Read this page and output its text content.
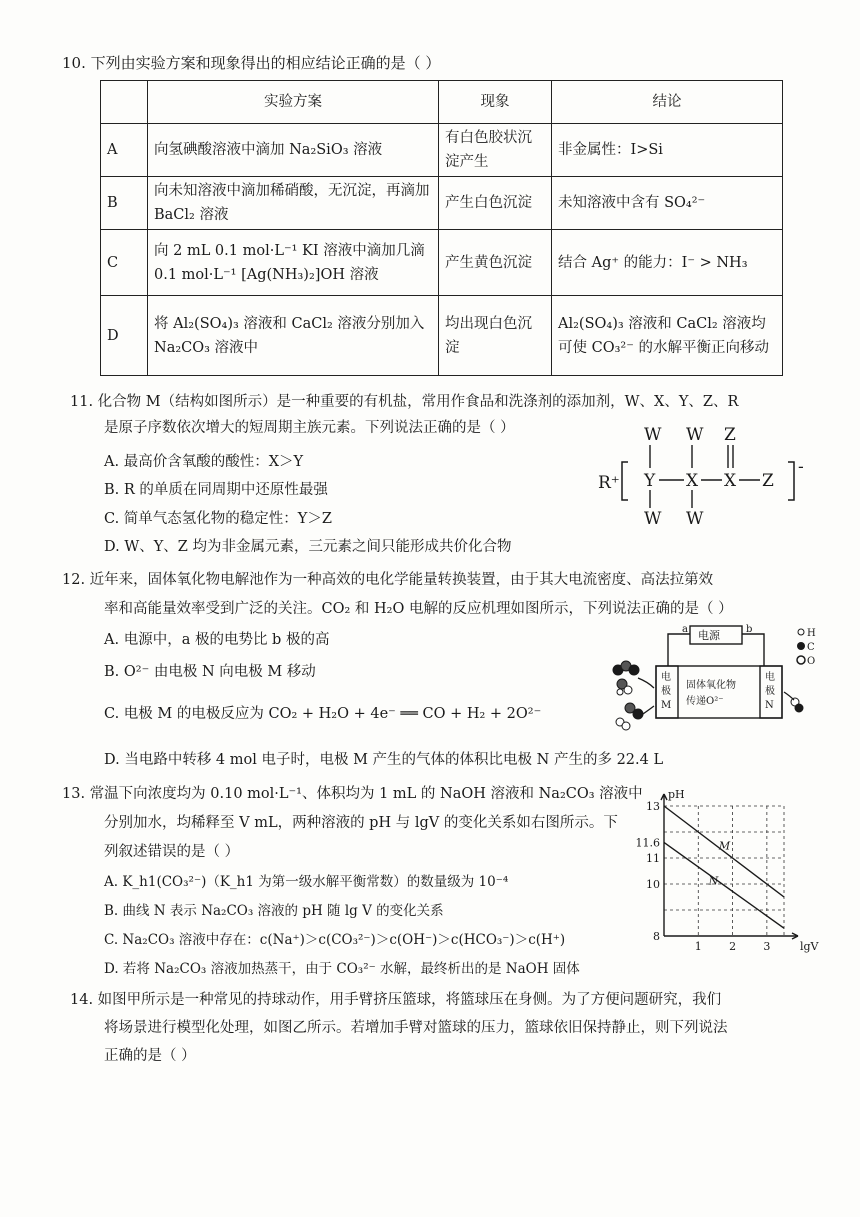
10. 下列由实验方案和现象得出的相应结论正确的是（ ）
	实验方案	现象	结论
A	向氢碘酸溶液中滴加 Na₂SiO₃ 溶液	有白色胶状沉淀产生	非金属性：I>Si
B	向未知溶液中滴加稀硝酸，无沉淀，再滴加 BaCl₂ 溶液	产生白色沉淀	未知溶液中含有 SO₄²⁻
C	向 2 mL 0.1 mol·L⁻¹ KI 溶液中滴加几滴 0.1 mol·L⁻¹ [Ag(NH₃)₂]OH 溶液	产生黄色沉淀	结合 Ag⁺ 的能力：I⁻ > NH₃
D	将 Al₂(SO₄)₃ 溶液和 CaCl₂ 溶液分别加入 Na₂CO₃ 溶液中	均出现白色沉淀	Al₂(SO₄)₃ 溶液和 CaCl₂ 溶液均可使 CO₃²⁻ 的水解平衡正向移动
11. 化合物 M（结构如图所示）是一种重要的有机盐，常用作食品和洗涤剂的添加剂，W、X、Y、Z、R
是原子序数依次增大的短周期主族元素。下列说法正确的是（ ）
A. 最高价含氧酸的酸性：X＞Y
B. R 的单质在同周期中还原性最强
C. 简单气态氢化物的稳定性：Y＞Z
D. W、Y、Z 均为非金属元素，三元素之间只能形成共价化合物
R⁺
-
W W Z
Y X X Z
W W
12. 近年来，固体氧化物电解池作为一种高效的电化学能量转换装置，由于其大电流密度、高法拉第效
率和高能量效率受到广泛的关注。CO₂ 和 H₂O 电解的反应机理如图所示，下列说法正确的是（ ）
A. 电源中，a 极的电势比 b 极的高
B. O²⁻ 由电极 N 向电极 M 移动
C. 电极 M 的电极反应为 CO₂ + H₂O + 4e⁻ ══ CO + H₂ + 2O²⁻
D. 当电路中转移 4 mol 电子时，电极 M 产生的气体的体积比电极 N 产生的多 22.4 L
a	b
电源
电
极
M
电
极
N
固体氧化物
传递O²⁻
H
C
O
13. 常温下向浓度均为 0.10 mol·L⁻¹、体积均为 1 mL 的 NaOH 溶液和 Na₂CO₃ 溶液中
分别加水，均稀释至 V mL，两种溶液的 pH 与 lgV 的变化关系如右图所示。下
列叙述错误的是（ ）
A. K_h1(CO₃²⁻)（K_h1 为第一级水解平衡常数）的数量级为 10⁻⁴
B. 曲线 N 表示 Na₂CO₃ 溶液的 pH 随 lg V 的变化关系
C. Na₂CO₃ 溶液中存在：c(Na⁺)＞c(CO₃²⁻)＞c(OH⁻)＞c(HCO₃⁻)＞c(H⁺)
D. 若将 Na₂CO₃ 溶液加热蒸干，由于 CO₃²⁻ 水解，最终析出的是 NaOH 固体
M
N
8
10
11
11.6
13
1 2 3	lgV
pH
14. 如图甲所示是一种常见的持球动作，用手臂挤压篮球，将篮球压在身侧。为了方便问题研究，我们
将场景进行模型化处理，如图乙所示。若增加手臂对篮球的压力，篮球依旧保持静止，则下列说法
正确的是（ ）
